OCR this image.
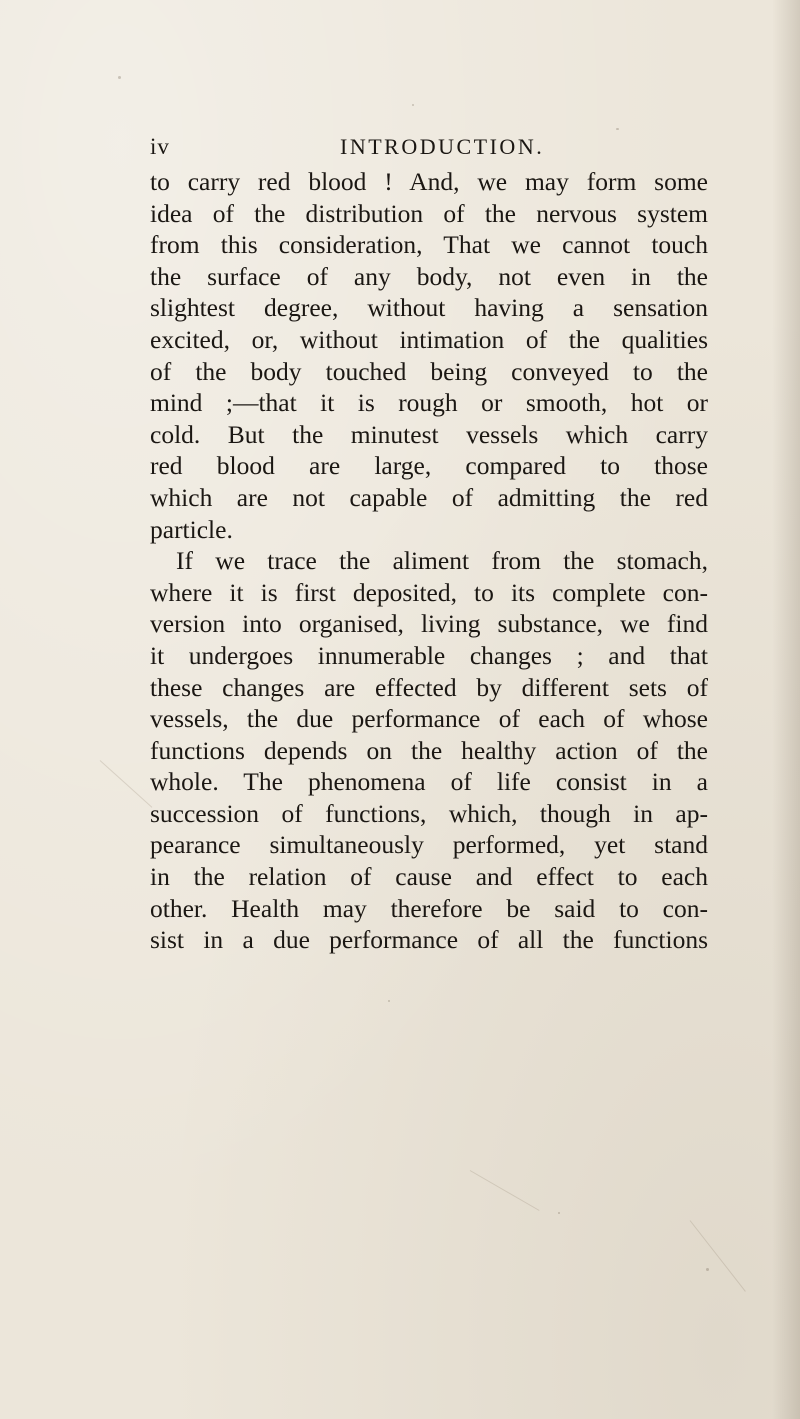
iv	INTRODUCTION.
to carry red blood ! And, we may form some
idea of the distribution of the nervous system
from this consideration, That we cannot touch
the surface of any body, not even in the
slightest degree, without having a sensation
excited, or, without intimation of the qualities
of the body touched being conveyed to the
mind ;—that it is rough or smooth, hot or
cold. But the minutest vessels which carry
red blood are large, compared to those
which are not capable of admitting the red
particle.
If we trace the aliment from the stomach,
where it is first deposited, to its complete con-
version into organised, living substance, we find
it undergoes innumerable changes ; and that
these changes are effected by different sets of
vessels, the due performance of each of whose
functions depends on the healthy action of the
whole. The phenomena of life consist in a
succession of functions, which, though in ap-
pearance simultaneously performed, yet stand
in the relation of cause and effect to each
other. Health may therefore be said to con-
sist in a due performance of all the functions
